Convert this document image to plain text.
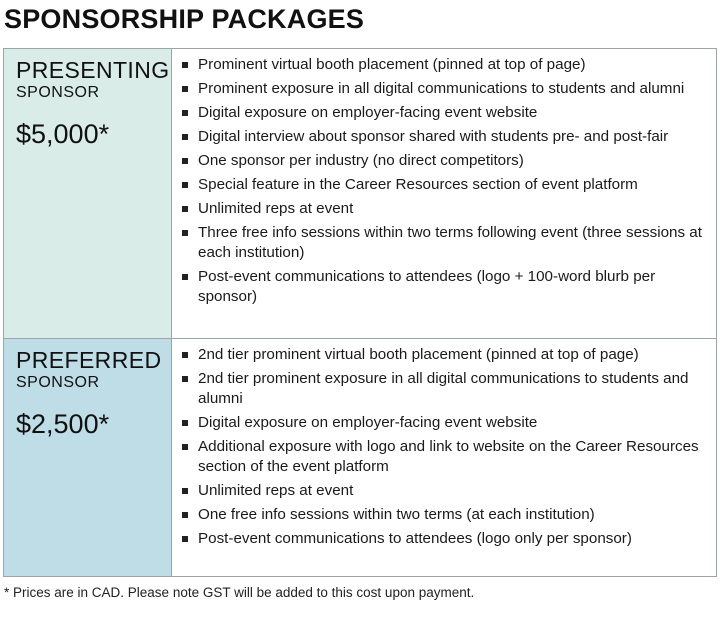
SPONSORSHIP PACKAGES
PRESENTING
SPONSOR
$5,000*
Prominent virtual booth placement (pinned at top of page)
Prominent exposure in all digital communications to students and alumni
Digital exposure on employer-facing event website
Digital interview about sponsor shared with students pre- and post-fair
One sponsor per industry (no direct competitors)
Special feature in the Career Resources section of event platform
Unlimited reps at event
Three free info sessions within two terms following event (three sessions at each institution)
Post-event communications to attendees (logo + 100-word blurb per sponsor)
PREFERRED
SPONSOR
$2,500*
2nd tier prominent virtual booth placement (pinned at top of page)
2nd tier prominent exposure in all digital communications to students and alumni
Digital exposure on employer-facing event website
Additional exposure with logo and link to website on the Career Resources section of the event platform
Unlimited reps at event
One free info sessions within two terms (at each institution)
Post-event communications to attendees (logo only per sponsor)
* Prices are in CAD. Please note GST will be added to this cost upon payment.
